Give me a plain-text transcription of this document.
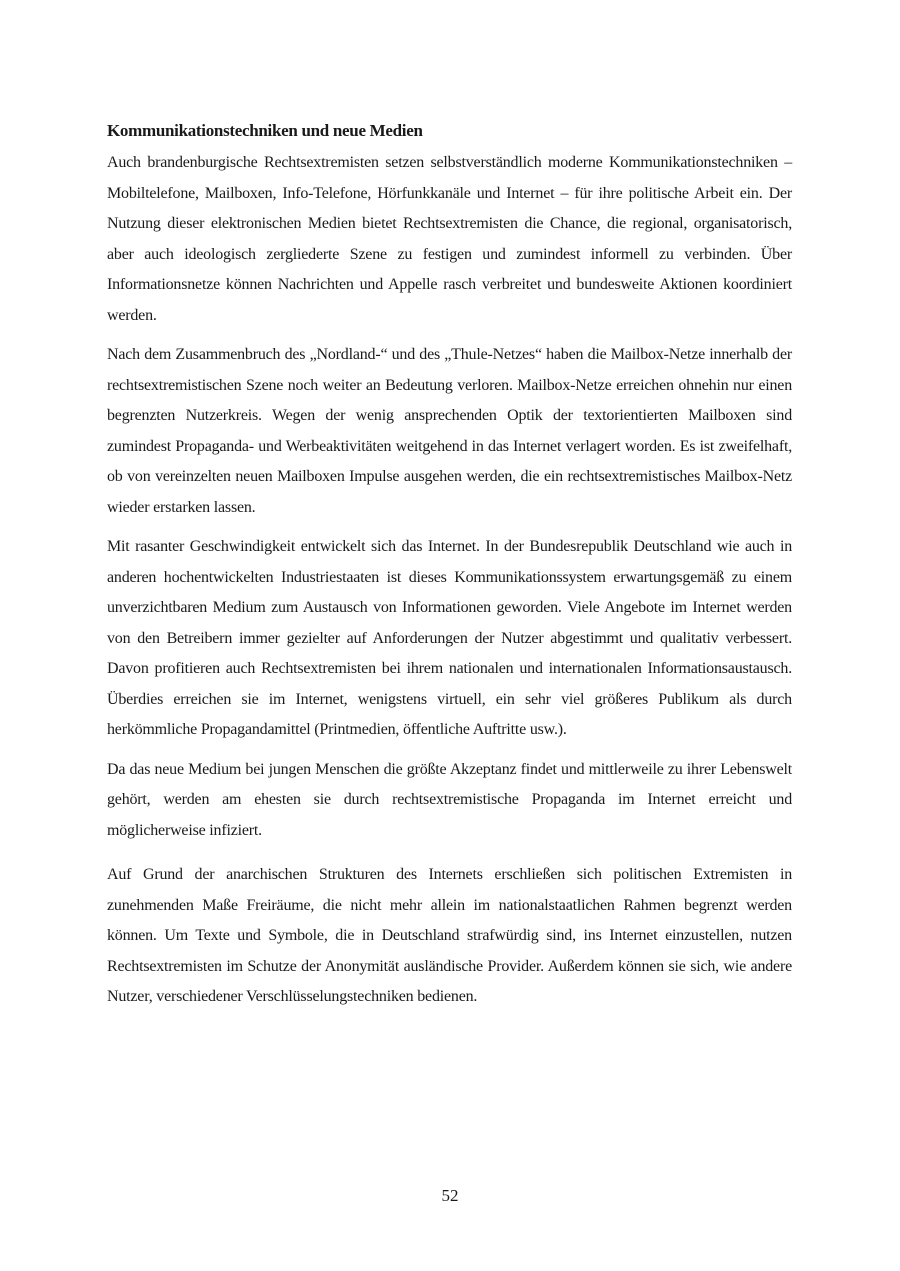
Kommunikationstechniken und neue Medien

Auch brandenburgische Rechtsextremisten setzen selbstverständlich moderne Kommunikationstechniken – Mobiltelefone, Mailboxen, Info-Telefone, Hörfunkkanäle und Internet – für ihre politische Arbeit ein. Der Nutzung dieser elektronischen Medien bietet Rechtsextremisten die Chance, die regional, organisatorisch, aber auch ideologisch zergliederte Szene zu festigen und zumindest informell zu verbinden. Über Informationsnetze können Nachrichten und Appelle rasch verbreitet und bundesweite Aktionen koordiniert werden.

Nach dem Zusammenbruch des „Nordland-“ und des „Thule-Netzes“ haben die Mailbox-Netze innerhalb der rechtsextremistischen Szene noch weiter an Bedeutung verloren. Mailbox-Netze erreichen ohnehin nur einen begrenzten Nutzerkreis. Wegen der wenig ansprechenden Optik der textorientierten Mailboxen sind zumindest Propaganda- und Werbeaktivitäten weitgehend in das Internet verlagert worden. Es ist zweifelhaft, ob von vereinzelten neuen Mailboxen Impulse ausgehen werden, die ein rechtsextremistisches Mailbox-Netz wieder erstarken lassen.

Mit rasanter Geschwindigkeit entwickelt sich das Internet. In der Bundesrepublik Deutschland wie auch in anderen hochentwickelten Industriestaaten ist dieses Kommunikationssystem erwartungsgemäß zu einem unverzichtbaren Medium zum Austausch von Informationen geworden. Viele Angebote im Internet werden von den Betreibern immer gezielter auf Anforderungen der Nutzer abgestimmt und qualitativ verbessert. Davon profitieren auch Rechtsextremisten bei ihrem nationalen und internationalen Informationsaustausch. Überdies erreichen sie im Internet, wenigstens virtuell, ein sehr viel größeres Publikum als durch herkömmliche Propagandamittel (Printmedien, öffentliche Auftritte usw.).

Da das neue Medium bei jungen Menschen die größte Akzeptanz findet und mittlerweile zu ihrer Lebenswelt gehört, werden am ehesten sie durch rechtsextremistische Propaganda im Internet erreicht und möglicherweise infiziert.

Auf Grund der anarchischen Strukturen des Internets erschließen sich politischen Extremisten in zunehmenden Maße Freiräume, die nicht mehr allein im nationalstaatlichen Rahmen begrenzt werden können. Um Texte und Symbole, die in Deutschland strafwürdig sind, ins Internet einzustellen, nutzen Rechtsextremisten im Schutze der Anonymität ausländische Provider. Außerdem können sie sich, wie andere Nutzer, verschiedener Verschlüsselungstechniken bedienen.

52
